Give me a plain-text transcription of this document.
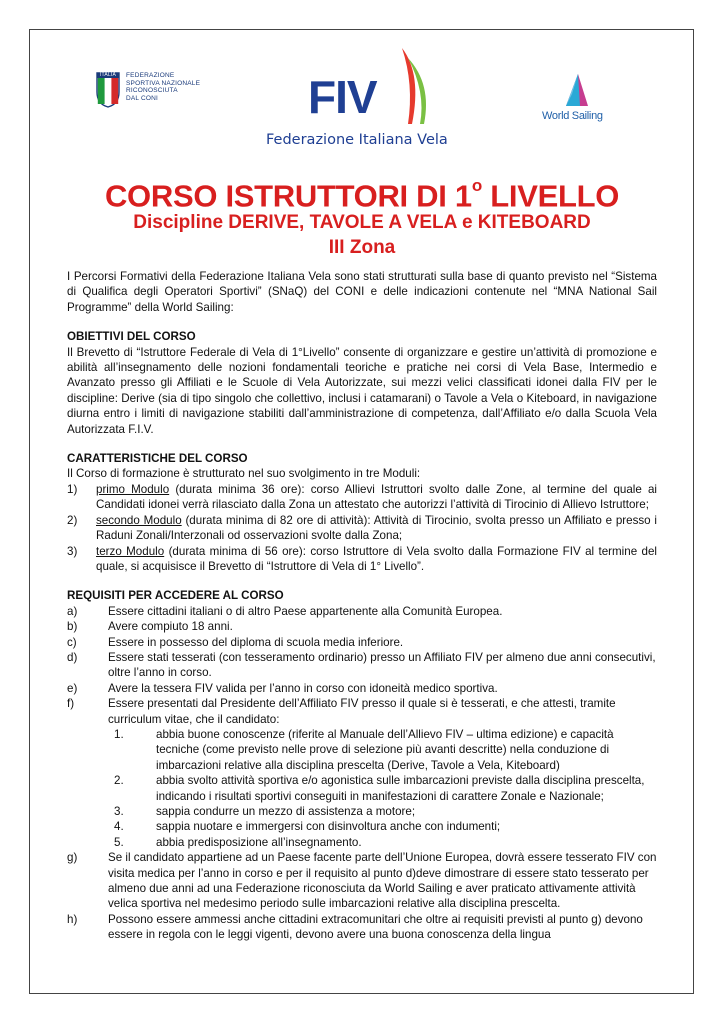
ITALIA	FEDERAZIONE
SPORTIVA NAZIONALE
RICONOSCIUTA
DAL CONI	FIV
Federazione Italiana Vela
World Sailing
CORSO ISTRUTTORI DI 1$^o$ LIVELLO
Discipline DERIVE, TAVOLE A VELA e KITEBOARD
III Zona

I Percorsi Formativi della Federazione Italiana Vela sono stati strutturati sulla base di quanto previsto nel “Sistema di Qualifica degli Operatori Sportivi” (SNaQ) del CONI e delle indicazioni contenute nel “MNA National Sail Programme” della World Sailing:

OBIETTIVI DEL CORSO

Il Brevetto di “Istruttore Federale di Vela di 1°Livello” consente di organizzare e gestire un’attività di promozione e abilità all’insegnamento delle nozioni fondamentali teoriche e pratiche nei corsi di Vela Base, Intermedio e Avanzato presso gli Affiliati e le Scuole di Vela Autorizzate, sui mezzi velici classificati idonei dalla FIV per le discipline: Derive (sia di tipo singolo che collettivo, inclusi i catamarani) o Tavole a Vela o Kiteboard, in navigazione diurna entro i limiti di navigazione stabiliti dall’amministrazione di competenza, dall’Affiliato e/o dalla Scuola Vela Autorizzata F.I.V.

CARATTERISTICHE DEL CORSO

Il Corso di formazione è strutturato nel suo svolgimento in tre Moduli:

1) primo Modulo (durata minima 36 ore): corso Allievi Istruttori svolto dalle Zone, al termine del quale ai Candidati idonei verrà rilasciato dalla Zona un attestato che autorizzi l’attività di Tirocinio di Allievo Istruttore;
2) secondo Modulo (durata minima di 82 ore di attività): Attività di Tirocinio, svolta presso un Affiliato e presso i Raduni Zonali/Interzonali od osservazioni svolte dalla Zona;
3) terzo Modulo (durata minima di 56 ore): corso Istruttore di Vela svolto dalla Formazione FIV al termine del quale, si acquisisce il Brevetto di “Istruttore di Vela di 1° Livello”.
REQUISITI PER ACCEDERE AL CORSO
a)	Essere cittadini italiani o di altro Paese appartenente alla Comunità Europea.
b)	Avere compiuto 18 anni.
c)	Essere in possesso del diploma di scuola media inferiore.
d)	Essere stati tesserati (con tesseramento ordinario) presso un Affiliato FIV per almeno due anni consecutivi, oltre l’anno in corso.
e)	Avere la tessera FIV valida per l’anno in corso con idoneità medico sportiva.
f)	Essere presentati dal Presidente dell’Affiliato FIV presso il quale si è tesserati, e che attesti, tramite curriculum vitae, che il candidato:
1.	abbia buone conoscenze (riferite al Manuale dell’Allievo FIV – ultima edizione) e capacità tecniche (come previsto nelle prove di selezione più avanti descritte) nella conduzione di imbarcazioni relative alla disciplina prescelta (Derive, Tavole a Vela, Kiteboard)
2.	abbia svolto attività sportiva e/o agonistica sulle imbarcazioni previste dalla disciplina prescelta, indicando i risultati sportivi conseguiti in manifestazioni di carattere Zonale e Nazionale;
3.	sappia condurre un mezzo di assistenza a motore;
4.	sappia nuotare e immergersi con disinvoltura anche con indumenti;
5.	abbia predisposizione all’insegnamento.
g)	Se il candidato appartiene ad un Paese facente parte dell’Unione Europea, dovrà essere tesserato FIV con visita medica per l’anno in corso e per il requisito al punto d)deve dimostrare di essere stato tesserato per almeno due anni ad una Federazione riconosciuta da World Sailing e aver praticato attivamente attività velica sportiva nel medesimo periodo sulle imbarcazioni relative alla disciplina prescelta.
h)	Possono essere ammessi anche cittadini extracomunitari che oltre ai requisiti previsti al punto g) devono essere in regola con le leggi vigenti, devono avere una buona conoscenza della lingua
